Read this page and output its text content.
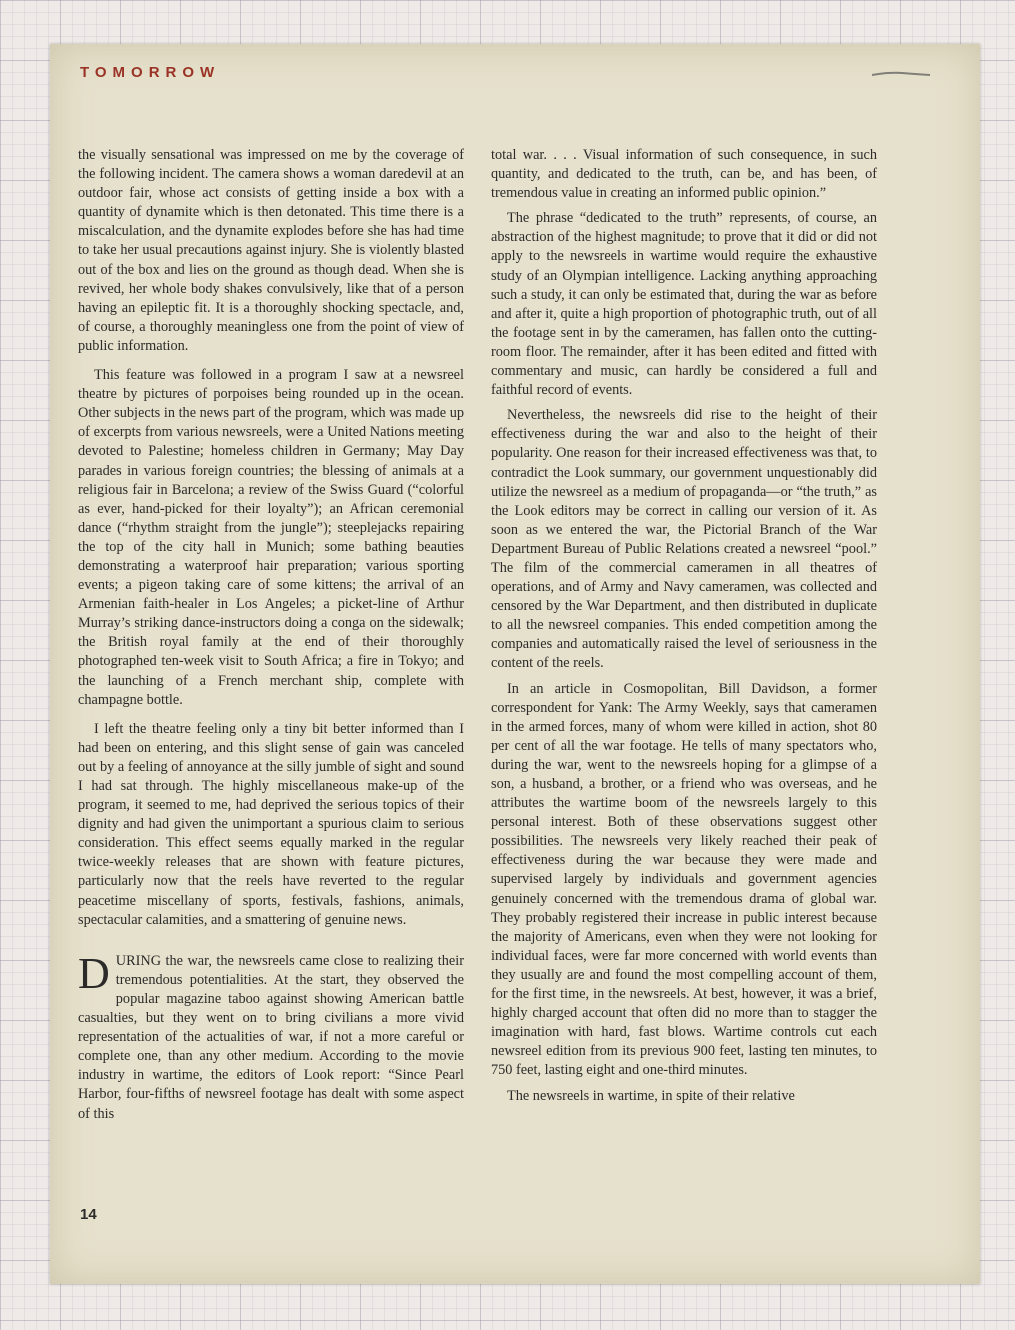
TOMORROW

the visually sensational was impressed on me by the coverage of the following incident. The camera shows a woman daredevil at an outdoor fair, whose act consists of getting inside a box with a quantity of dynamite which is then detonated. This time there is a miscalculation, and the dynamite explodes before she has had time to take her usual precautions against injury. She is violently blasted out of the box and lies on the ground as though dead. When she is revived, her whole body shakes convulsively, like that of a person having an epileptic fit. It is a thoroughly shocking spectacle, and, of course, a thoroughly meaningless one from the point of view of public information.

This feature was followed in a program I saw at a newsreel theatre by pictures of porpoises being rounded up in the ocean. Other subjects in the news part of the program, which was made up of excerpts from various newsreels, were a United Nations meeting devoted to Palestine; homeless children in Germany; May Day parades in various foreign countries; the blessing of animals at a religious fair in Barcelona; a review of the Swiss Guard (“colorful as ever, hand-picked for their loyalty”); an African ceremonial dance (“rhythm straight from the jungle”); steeplejacks repairing the top of the city hall in Munich; some bathing beauties demonstrating a waterproof hair preparation; various sporting events; a pigeon taking care of some kittens; the arrival of an Armenian faith-healer in Los Angeles; a picket-line of Arthur Murray’s striking dance-instructors doing a conga on the sidewalk; the British royal family at the end of their thoroughly photographed ten-week visit to South Africa; a fire in Tokyo; and the launching of a French merchant ship, complete with champagne bottle.

I left the theatre feeling only a tiny bit better informed than I had been on entering, and this slight sense of gain was canceled out by a feeling of annoyance at the silly jumble of sight and sound I had sat through. The highly miscellaneous make-up of the program, it seemed to me, had deprived the serious topics of their dignity and had given the unimportant a spurious claim to serious consideration. This effect seems equally marked in the regular twice-weekly releases that are shown with feature pictures, particularly now that the reels have reverted to the regular peacetime miscellany of sports, festivals, fashions, animals, spectacular calamities, and a smattering of genuine news.

DURING the war, the newsreels came close to realizing their tremendous potentialities. At the start, they observed the popular magazine taboo against showing American battle casualties, but they went on to bring civilians a more vivid representation of the actualities of war, if not a more careful or complete one, than any other medium. According to the movie industry in wartime, the editors of Look report: “Since Pearl Harbor, four-fifths of newsreel footage has dealt with some aspect of this

total war. . . . Visual information of such consequence, in such quantity, and dedicated to the truth, can be, and has been, of tremendous value in creating an informed public opinion.”

The phrase “dedicated to the truth” represents, of course, an abstraction of the highest magnitude; to prove that it did or did not apply to the newsreels in wartime would require the exhaustive study of an Olympian intelligence. Lacking anything approaching such a study, it can only be estimated that, during the war as before and after it, quite a high proportion of photographic truth, out of all the footage sent in by the cameramen, has fallen onto the cutting-room floor. The remainder, after it has been edited and fitted with commentary and music, can hardly be considered a full and faithful record of events.

Nevertheless, the newsreels did rise to the height of their effectiveness during the war and also to the height of their popularity. One reason for their increased effectiveness was that, to contradict the Look summary, our government unquestionably did utilize the newsreel as a medium of propaganda—or “the truth,” as the Look editors may be correct in calling our version of it. As soon as we entered the war, the Pictorial Branch of the War Department Bureau of Public Relations created a newsreel “pool.” The film of the commercial cameramen in all theatres of operations, and of Army and Navy cameramen, was collected and censored by the War Department, and then distributed in duplicate to all the newsreel companies. This ended competition among the companies and automatically raised the level of seriousness in the content of the reels.

In an article in Cosmopolitan, Bill Davidson, a former correspondent for Yank: The Army Weekly, says that cameramen in the armed forces, many of whom were killed in action, shot 80 per cent of all the war footage. He tells of many spectators who, during the war, went to the newsreels hoping for a glimpse of a son, a husband, a brother, or a friend who was overseas, and he attributes the wartime boom of the newsreels largely to this personal interest. Both of these observations suggest other possibilities. The newsreels very likely reached their peak of effectiveness during the war because they were made and supervised largely by individuals and government agencies genuinely concerned with the tremendous drama of global war. They probably registered their increase in public interest because the majority of Americans, even when they were not looking for individual faces, were far more concerned with world events than they usually are and found the most compelling account of them, for the first time, in the newsreels. At best, however, it was a brief, highly charged account that often did no more than to stagger the imagination with hard, fast blows. Wartime controls cut each newsreel edition from its previous 900 feet, lasting ten minutes, to 750 feet, lasting eight and one-third minutes.

The newsreels in wartime, in spite of their relative

14
